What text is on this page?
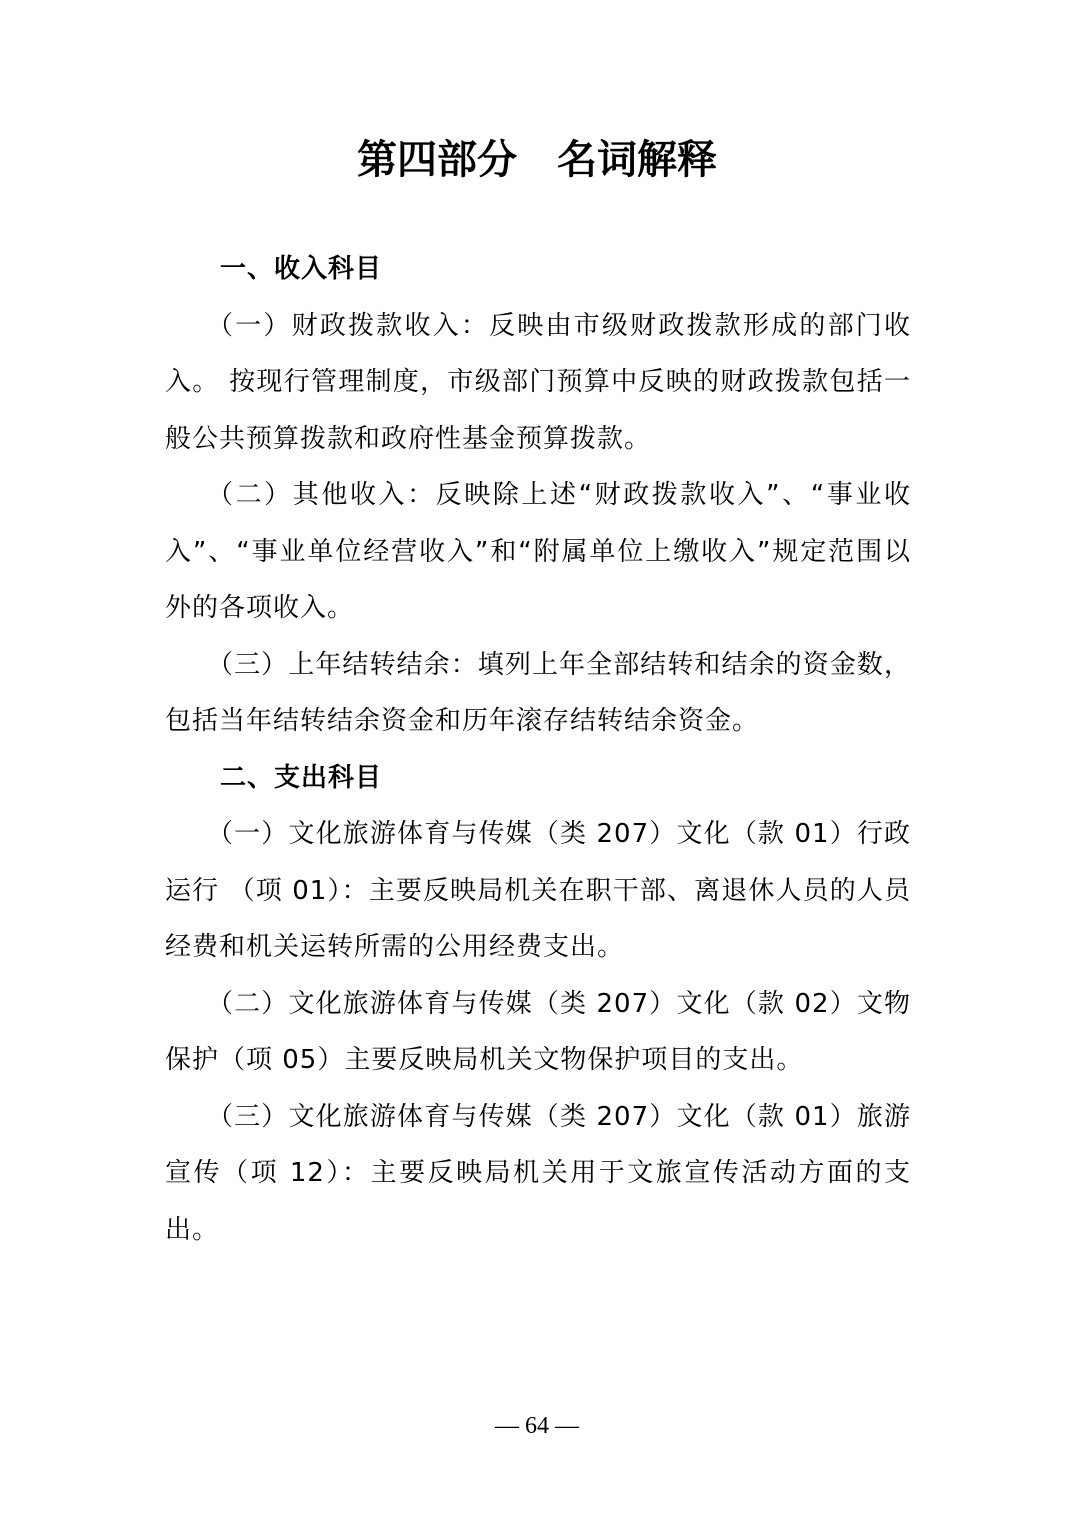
第四部分　名词解释
一、收入科目

（一）财政拨款收入：反映由市级财政拨款形成的部门收入。 按现行管理制度，市级部门预算中反映的财政拨款包括一般公共预算拨款和政府性基金预算拨款。

（二）其他收入：反映除上述“财政拨款收入”、“事业收入”、“事业单位经营收入”和“附属单位上缴收入”规定范围以外的各项收入。

（三）上年结转结余：填列上年全部结转和结余的资金数，包括当年结转结余资金和历年滚存结转结余资金。

二、支出科目

（一）文化旅游体育与传媒（类 207）文化（款 01）行政运行 （项 01）：主要反映局机关在职干部、离退休人员的人员经费和机关运转所需的公用经费支出。

（二）文化旅游体育与传媒（类 207）文化（款 02）文物保护（项 05）主要反映局机关文物保护项目的支出。

（三）文化旅游体育与传媒（类 207）文化（款 01）旅游宣传（项 12）：主要反映局机关用于文旅宣传活动方面的支出。

— 64 —
